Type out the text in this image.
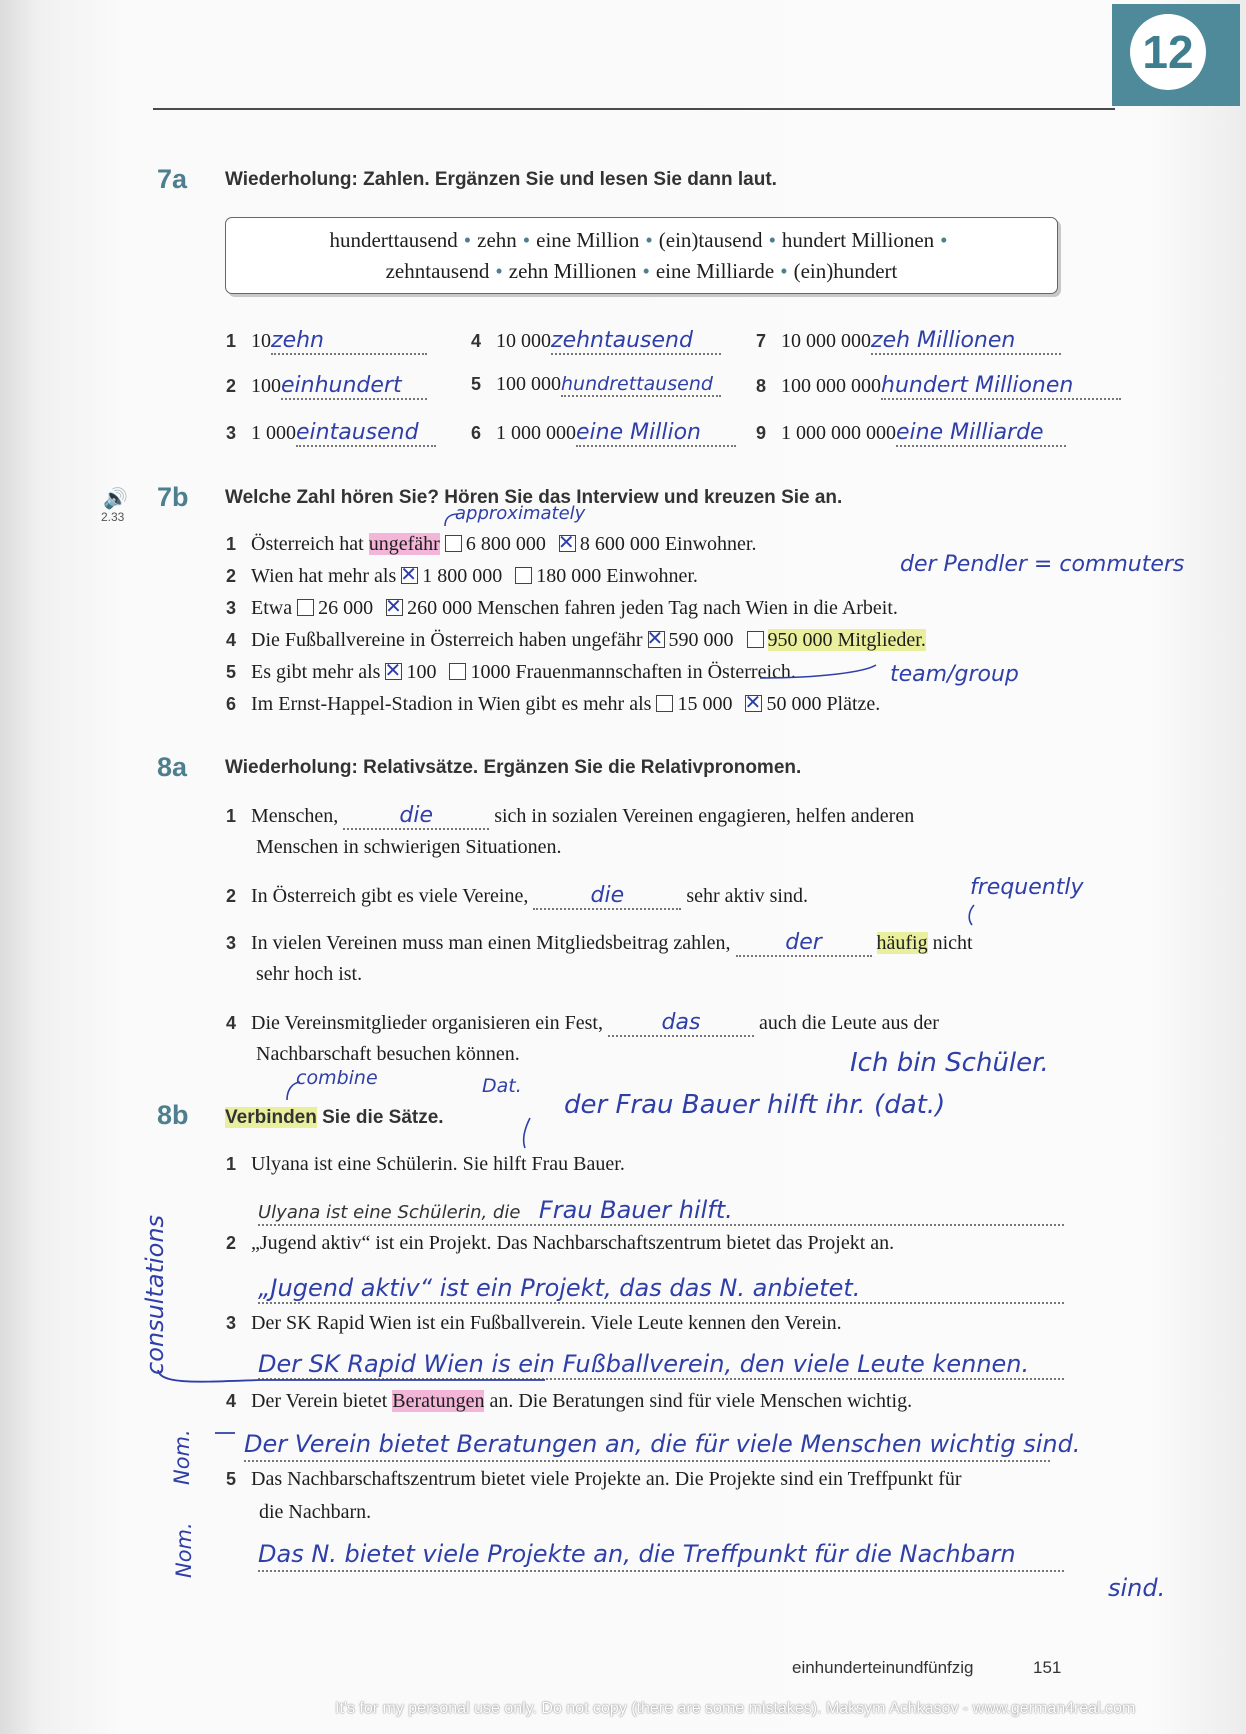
12
7a Wiederholung: Zahlen. Ergänzen Sie und lesen Sie dann laut.
hunderttausend • zehn • eine Million • (ein)tausend • hundert Millionen •
zehntausend • zehn Millionen • eine Milliarde • (ein)hundert
1 10zehn
2 100einhundert
3 1 000eintausend
4 10 000zehntausend
5 100 000hundrettausend
6 1 000 000eine Million
7 10 000 000zeh Millionen
8 100 000 000hundert Millionen
9 1 000 000 000eine Milliarde
🔊
2.33
7b Welche Zahl hören Sie? Hören Sie das Interview und kreuzen Sie an.
1 Österreich hat ungefähr 6 800 000 ✕ 8 600 000 Einwohner.
2 Wien hat mehr als ✕1 800 000 180 000 Einwohner.
3 Etwa 26 000 ✕ 260 000 Menschen fahren jeden Tag nach Wien in die Arbeit.
4 Die Fußballvereine in Österreich haben ungefähr ✕590 000 950 000 Mitglieder.
5 Es gibt mehr als ✕100 1000 Frauenmannschaften in Österreich.
6 Im Ernst-Happel-Stadion in Wien gibt es mehr als 15 000 ✕ 50 000 Plätze.
8a Wiederholung: Relativsätze. Ergänzen Sie die Relativpronomen.
1 Menschen,	die	sich in sozialen Vereinen engagieren, helfen anderen
Menschen in schwierigen Situationen.
2 In Österreich gibt es viele Vereine,	die	sehr aktiv sind.
3 In vielen Vereinen muss man einen Mitgliedsbeitrag zahlen, der	häufig nicht
sehr hoch ist.
4 Die Vereinsmitglieder organisieren ein Fest,	das	auch die Leute aus der
Nachbarschaft besuchen können.
8b Verbinden Sie die Sätze.
1 Ulyana ist eine Schülerin. Sie hilft Frau Bauer.
Ulyana ist eine Schülerin, die Frau Bauer hilft.
2 „Jugend aktiv“ ist ein Projekt. Das Nachbarschaftszentrum bietet das Projekt an.
„Jugend aktiv“ ist ein Projekt, das das N. anbietet.
3 Der SK Rapid Wien ist ein Fußballverein. Viele Leute kennen den Verein.
Der SK Rapid Wien is ein Fußballverein, den viele Leute kennen.
4 Der Verein bietet Beratungen an. Die Beratungen sind für viele Menschen wichtig.
Der Verein bietet Beratungen an, die für viele Menschen wichtig sind.
5 Das Nachbarschaftszentrum bietet viele Projekte an. Die Projekte sind ein Treffpunkt für
die Nachbarn.
Das N. bietet viele Projekte an, die Treffpunkt für die Nachbarn
sind.
approximately
der Pendler = commuters
team/group
frequently
Ich bin Schüler.
combine	Dat.
der Frau Bauer hilft ihr. (dat.)
consultations
Nom.
Nom.
einhunderteinundfünfzig	151
It's for my personal use only. Do not copy (there are some mistakes). Maksym Achkasov - www.german4real.com
